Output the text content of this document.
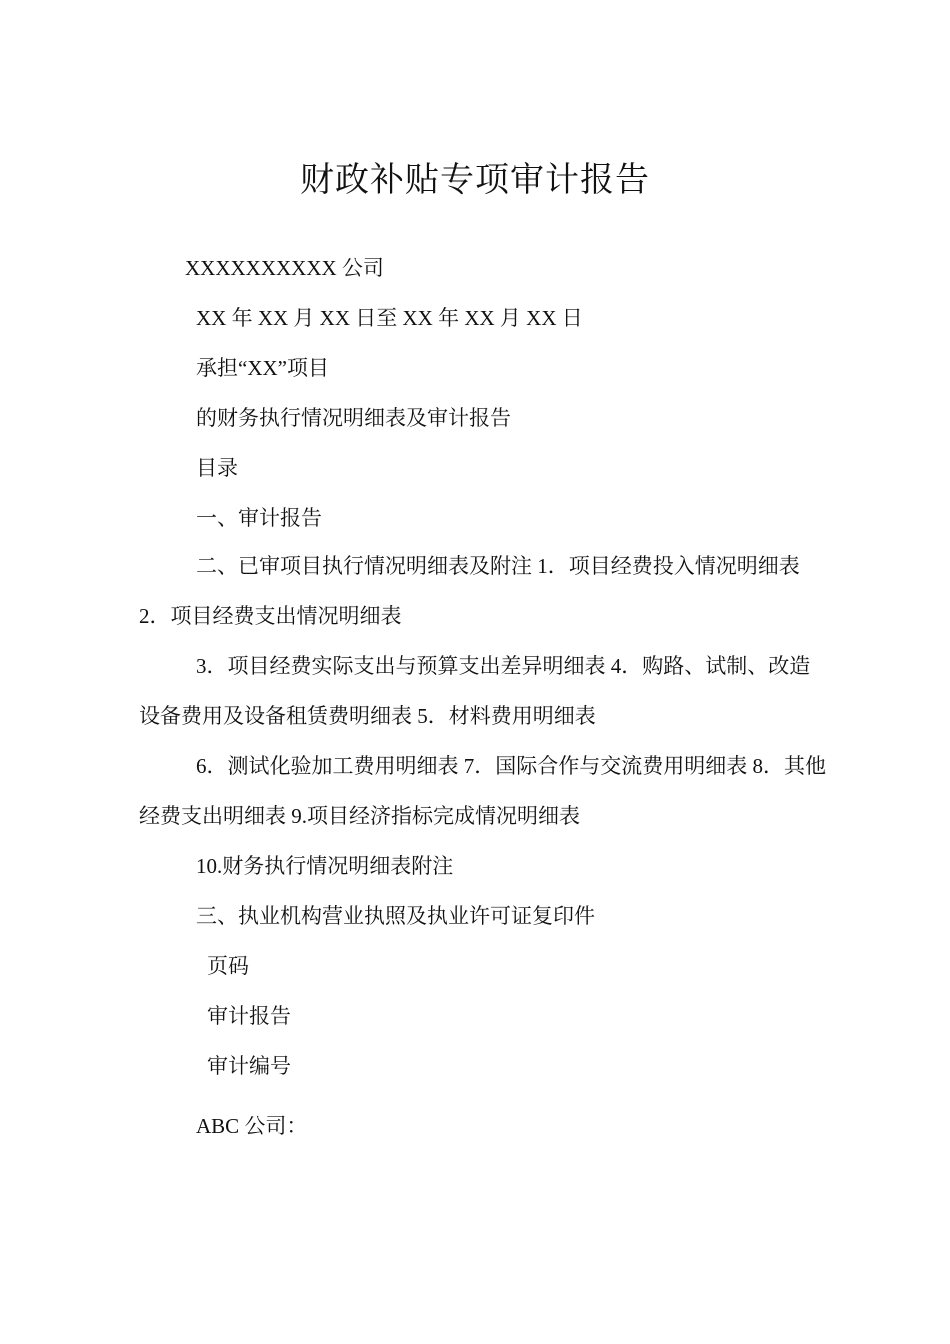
财政补贴专项审计报告
XXXXXXXXXX 公司
XX 年 XX 月 XX 日至 XX 年 XX 月 XX 日
承担“XX”项目
的财务执行情况明细表及审计报告
目录
一、审计报告
二、已审项目执行情况明细表及附注 1．项目经费投入情况明细表 2．项目经费支出情况明细表
3．项目经费实际支出与预算支出差异明细表 4．购路、试制、改造设备费用及设备租赁费明细表 5．材料费用明细表
6．测试化验加工费用明细表 7．国际合作与交流费用明细表 8．其他经费支出明细表 9.项目经济指标完成情况明细表
10.财务执行情况明细表附注
三、执业机构营业执照及执业许可证复印件
页码
审计报告
审计编号
ABC 公司：
